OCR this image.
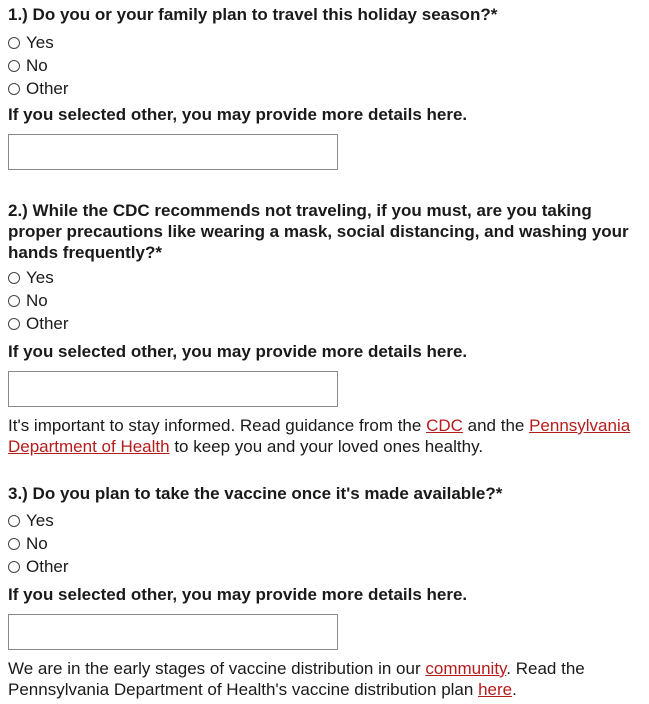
1.) Do you or your family plan to travel this holiday season?*

Yes
No
Other
If you selected other, you may provide more details here.

2.) While the CDC recommends not traveling, if you must, are you taking proper precautions like wearing a mask, social distancing, and washing your hands frequently?*

Yes
No
Other
If you selected other, you may provide more details here.
It's important to stay informed. Read guidance from the CDC and the Pennsylvania Department of Health to keep you and your loved ones healthy.

3.) Do you plan to take the vaccine once it's made available?*

Yes
No
Other
If you selected other, you may provide more details here.
We are in the early stages of vaccine distribution in our community. Read the Pennsylvania Department of Health's vaccine distribution plan here.
